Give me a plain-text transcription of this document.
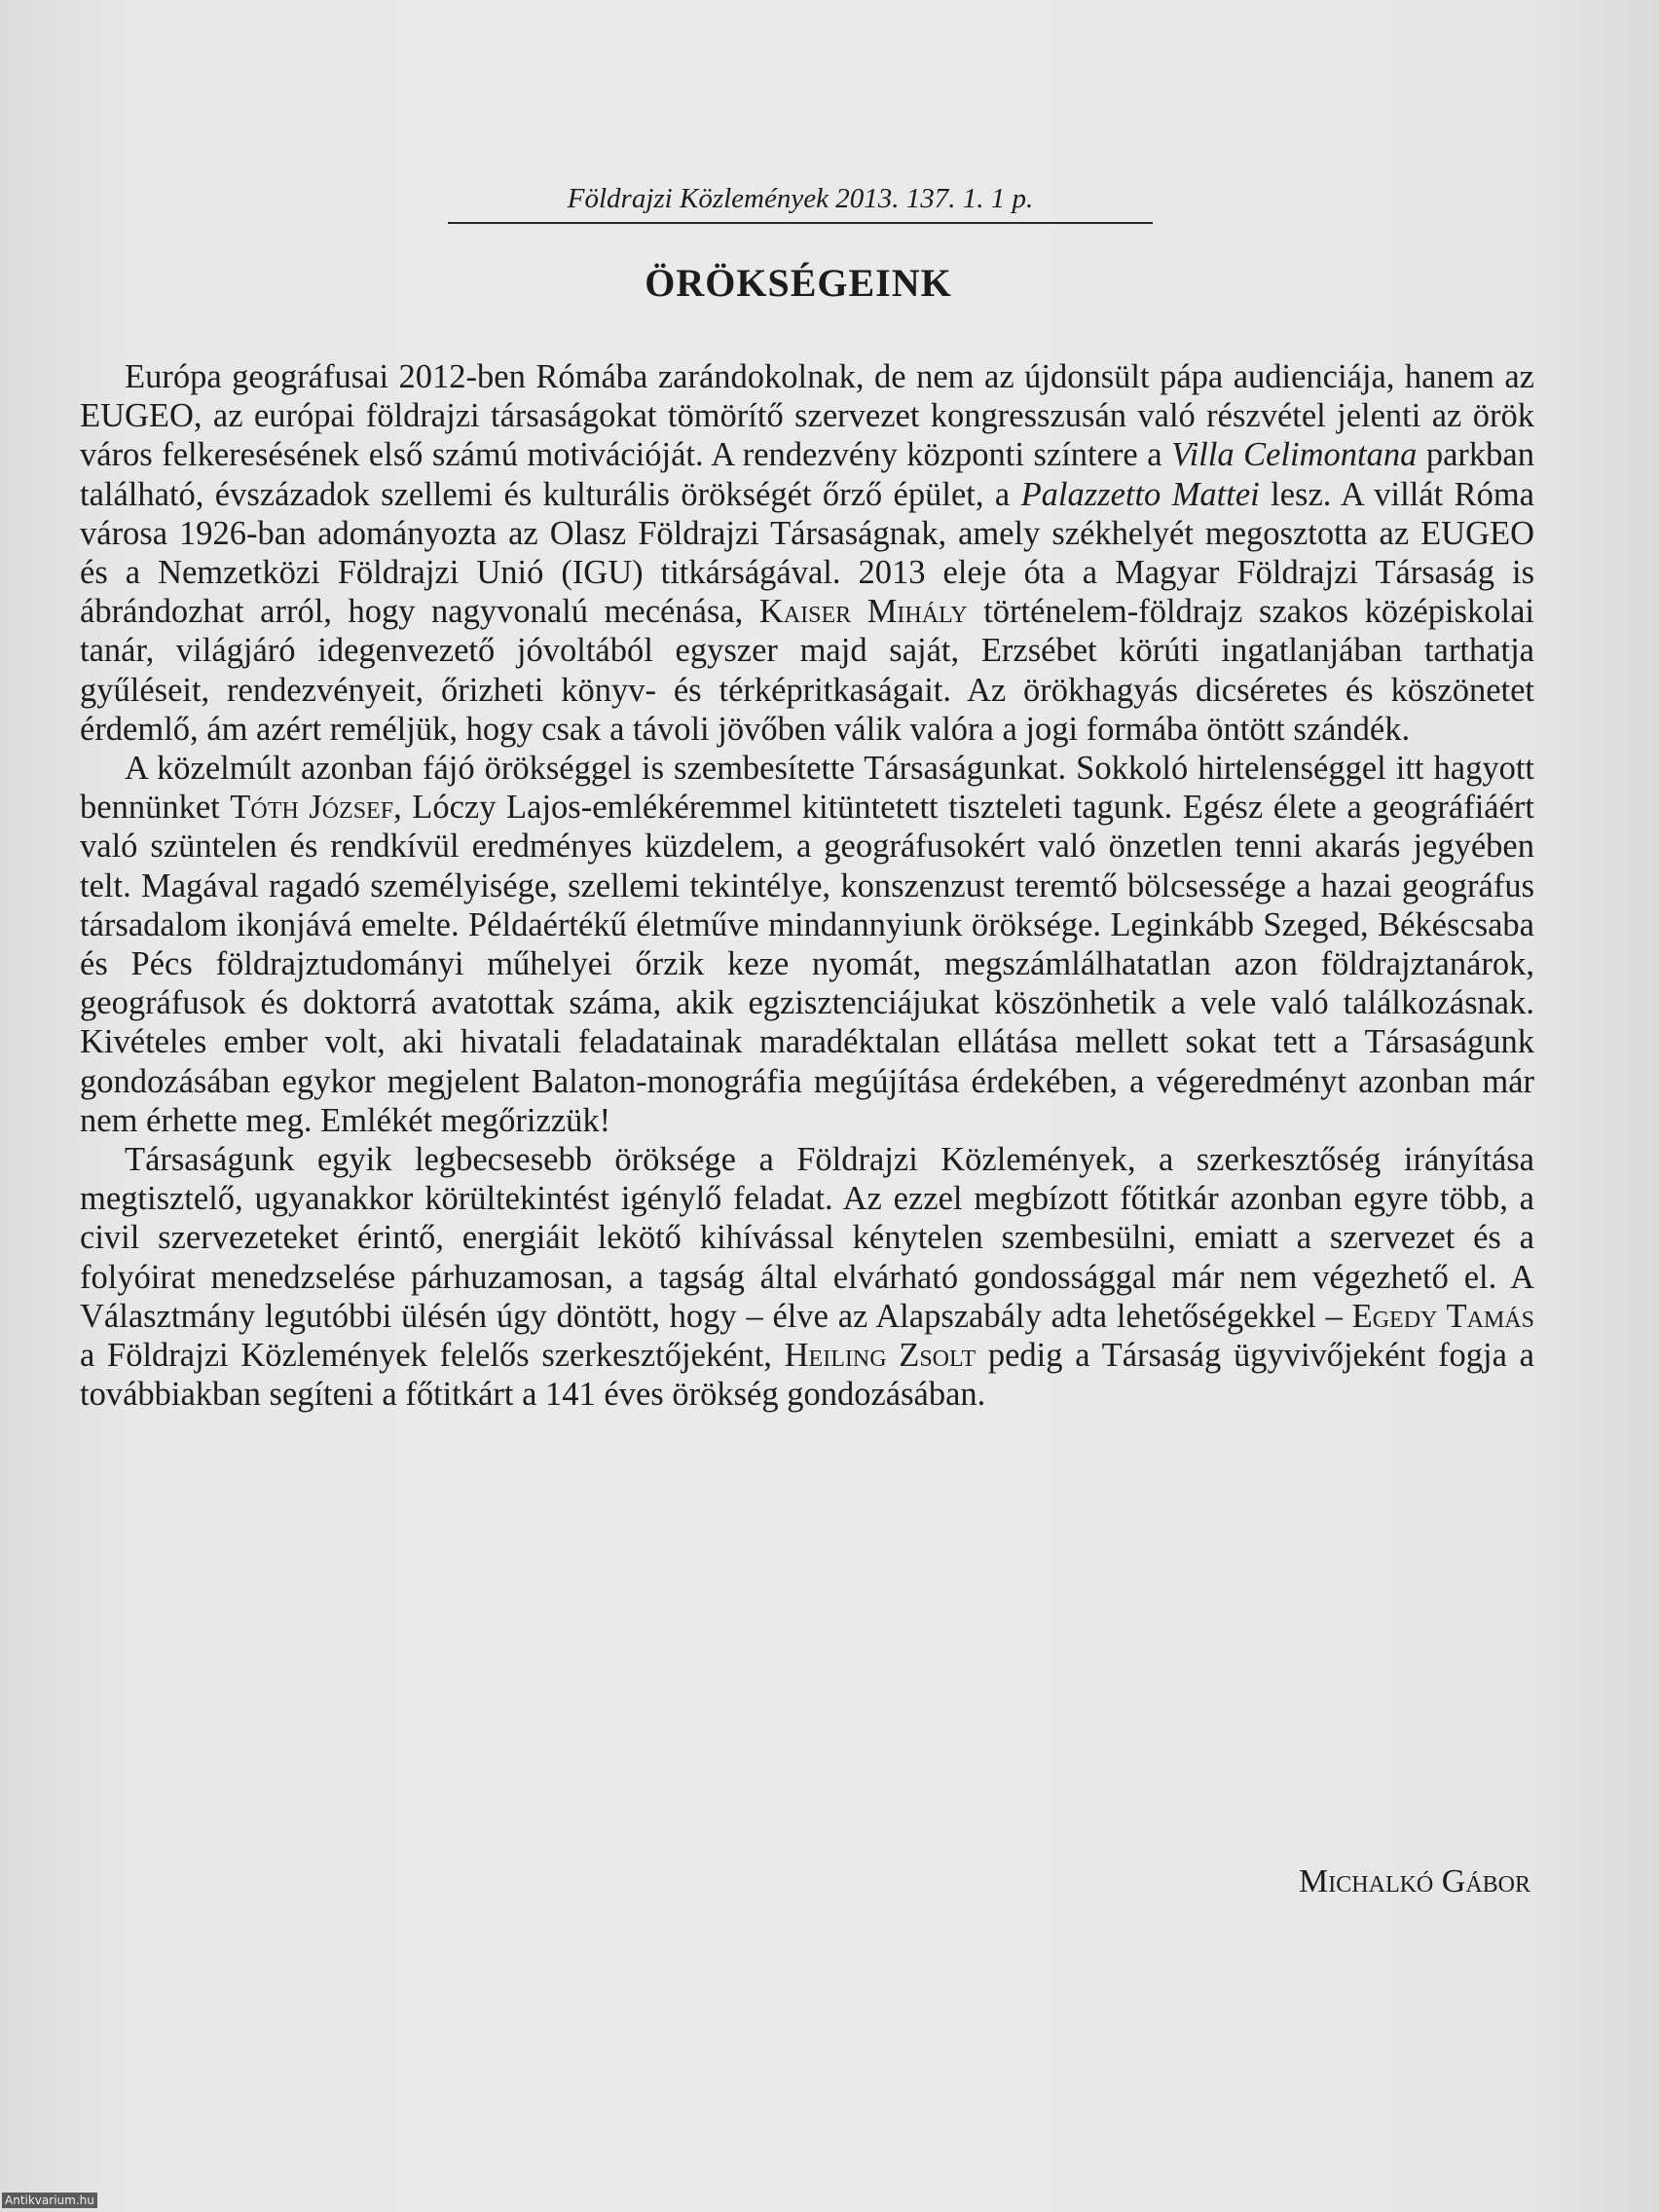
Földrajzi Közlemények 2013. 137. 1. 1 p.
ÖRÖKSÉGEINK

Európa geográfusai 2012-ben Rómába zarándokolnak, de nem az újdonsült pápa audienciája, hanem az EUGEO, az európai földrajzi társaságokat tömörítő szervezet kongresszusán való részvétel jelenti az örök város felkeresésének első számú motivációját. A rendezvény központi színtere a Villa Celimontana parkban található, évszázadok szellemi és kulturális örökségét őrző épület, a Palazzetto Mattei lesz. A villát Róma városa 1926-ban adományozta az Olasz Földrajzi Társaságnak, amely székhelyét megosztotta az EUGEO és a Nemzetközi Földrajzi Unió (IGU) titkárságával. 2013 eleje óta a Magyar Földrajzi Társaság is ábrándozhat arról, hogy nagyvonalú mecénása, Kaiser Mihály történelem-földrajz szakos középiskolai tanár, világjáró idegenvezető jóvoltából egyszer majd saját, Erzsébet körúti ingatlanjában tarthatja gyűléseit, rendezvényeit, őrizheti könyv- és térképritkaságait. Az örökhagyás dicséretes és köszönetet érdemlő, ám azért reméljük, hogy csak a távoli jövőben válik valóra a jogi formába öntött szándék.

A közelmúlt azonban fájó örökséggel is szembesítette Társaságunkat. Sokkoló hirtelenséggel itt hagyott bennünket Tóth József, Lóczy Lajos-emlékéremmel kitüntetett tiszteleti tagunk. Egész élete a geográfiáért való szüntelen és rendkívül eredményes küzdelem, a geográfusokért való önzetlen tenni akarás jegyében telt. Magával ragadó személyisége, szellemi tekintélye, konszenzust teremtő bölcsessége a hazai geográfus társadalom ikonjává emelte. Példaértékű életműve mindannyiunk öröksége. Leginkább Szeged, Békéscsaba és Pécs földrajztudományi műhelyei őrzik keze nyomát, megszámlálhatatlan azon földrajztanárok, geográfusok és doktorrá avatottak száma, akik egzisztenciájukat köszönhetik a vele való találkozásnak. Kivételes ember volt, aki hivatali feladatainak maradéktalan ellátása mellett sokat tett a Társaságunk gondozásában egykor megjelent Balaton-monográfia megújítása érdekében, a végeredményt azonban már nem érhette meg. Emlékét megőrizzük!

Társaságunk egyik legbecsesebb öröksége a Földrajzi Közlemények, a szerkesztőség irányítása megtisztelő, ugyanakkor körültekintést igénylő feladat. Az ezzel megbízott főtitkár azonban egyre több, a civil szervezeteket érintő, energiáit lekötő kihívással kénytelen szembesülni, emiatt a szervezet és a folyóirat menedzselése párhuzamosan, a tagság által elvárható gondossággal már nem végezhető el. A Választmány legutóbbi ülésén úgy döntött, hogy – élve az Alapszabály adta lehetőségekkel – Egedy Tamás a Földrajzi Közlemények felelős szerkesztőjeként, Heiling Zsolt pedig a Társaság ügyvivőjeként fogja a továbbiakban segíteni a főtitkárt a 141 éves örökség gondozásában.

Michalkó Gábor
Antikvarium.hu
